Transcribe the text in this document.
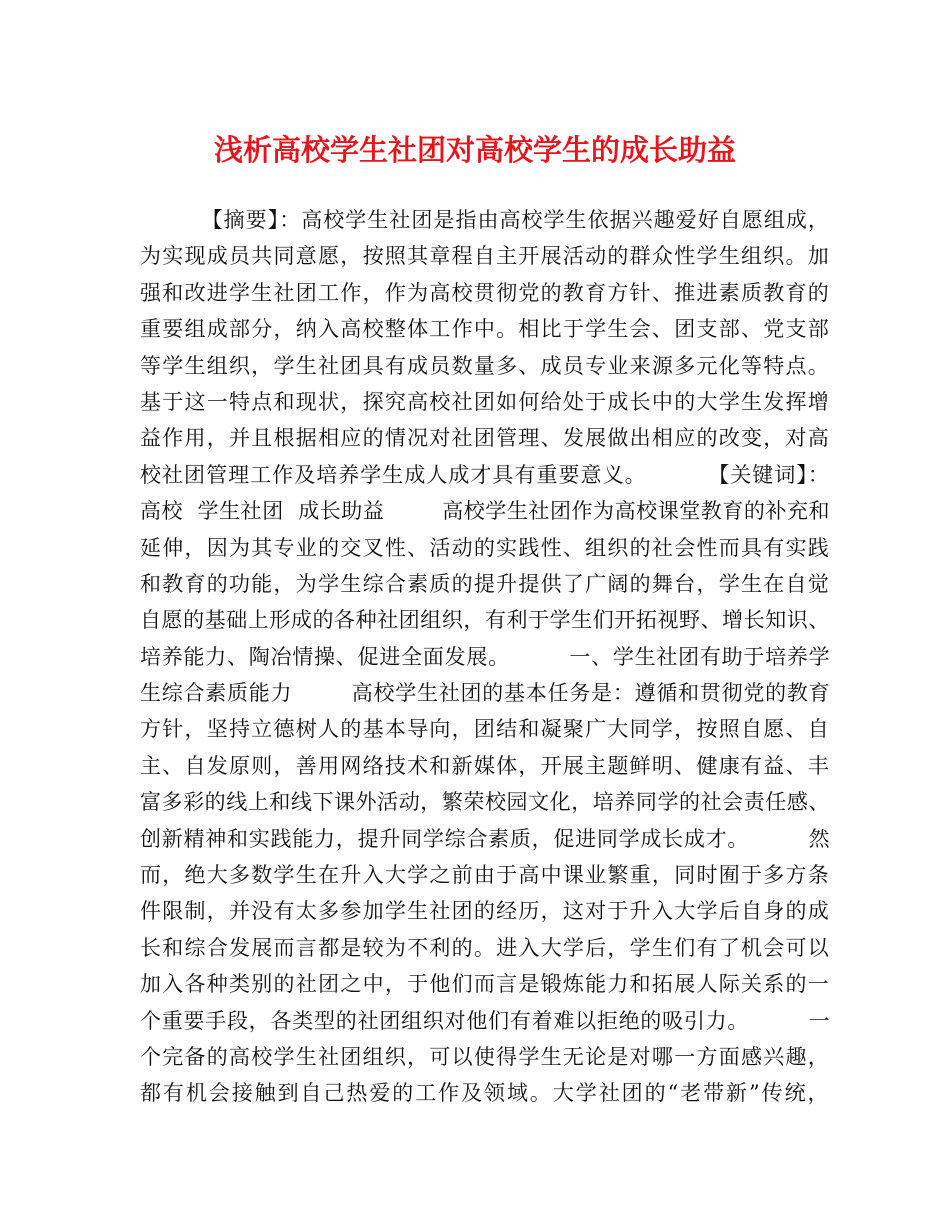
浅析高校学生社团对高校学生的成长助益
【摘要】：高校学生社团是指由高校学生依据兴趣爱好自愿组成，
为实现成员共同意愿，按照其章程自主开展活动的群众性学生组织。加
强和改进学生社团工作，作为高校贯彻党的教育方针、推进素质教育的
重要组成部分，纳入高校整体工作中。相比于学生会、团支部、党支部
等学生组织，学生社团具有成员数量多、成员专业来源多元化等特点。
基于这一特点和现状，探究高校社团如何给处于成长中的大学生发挥增
益作用，并且根据相应的情况对社团管理、发展做出相应的改变，对高
校社团管理工作及培养学生成人成才具有重要意义。        【关键词】：
高校  学生社团  成长助益        高校学生社团作为高校课堂教育的补充和
延伸，因为其专业的交叉性、活动的实践性、组织的社会性而具有实践
和教育的功能，为学生综合素质的提升提供了广阔的舞台，学生在自觉
自愿的基础上形成的各种社团组织，有利于学生们开拓视野、增长知识、
培养能力、陶冶情操、促进全面发展。        一、学生社团有助于培养学
生综合素质能力        高校学生社团的基本任务是：遵循和贯彻党的教育
方针，坚持立德树人的基本导向，团结和凝聚广大同学，按照自愿、自
主、自发原则，善用网络技术和新媒体，开展主题鲜明、健康有益、丰
富多彩的线上和线下课外活动，繁荣校园文化，培养同学的社会责任感、
创新精神和实践能力，提升同学综合素质，促进同学成长成才。        然
而，绝大多数学生在升入大学之前由于高中课业繁重，同时囿于多方条
件限制，并没有太多参加学生社团的经历，这对于升入大学后自身的成
长和综合发展而言都是较为不利的。进入大学后，学生们有了机会可以
加入各种类别的社团之中，于他们而言是锻炼能力和拓展人际关系的一
个重要手段，各类型的社团组织对他们有着难以拒绝的吸引力。        一
个完备的高校学生社团组织，可以使得学生无论是对哪一方面感兴趣，
都有机会接触到自己热爱的工作及领域。大学社团的“老带新”传统，
